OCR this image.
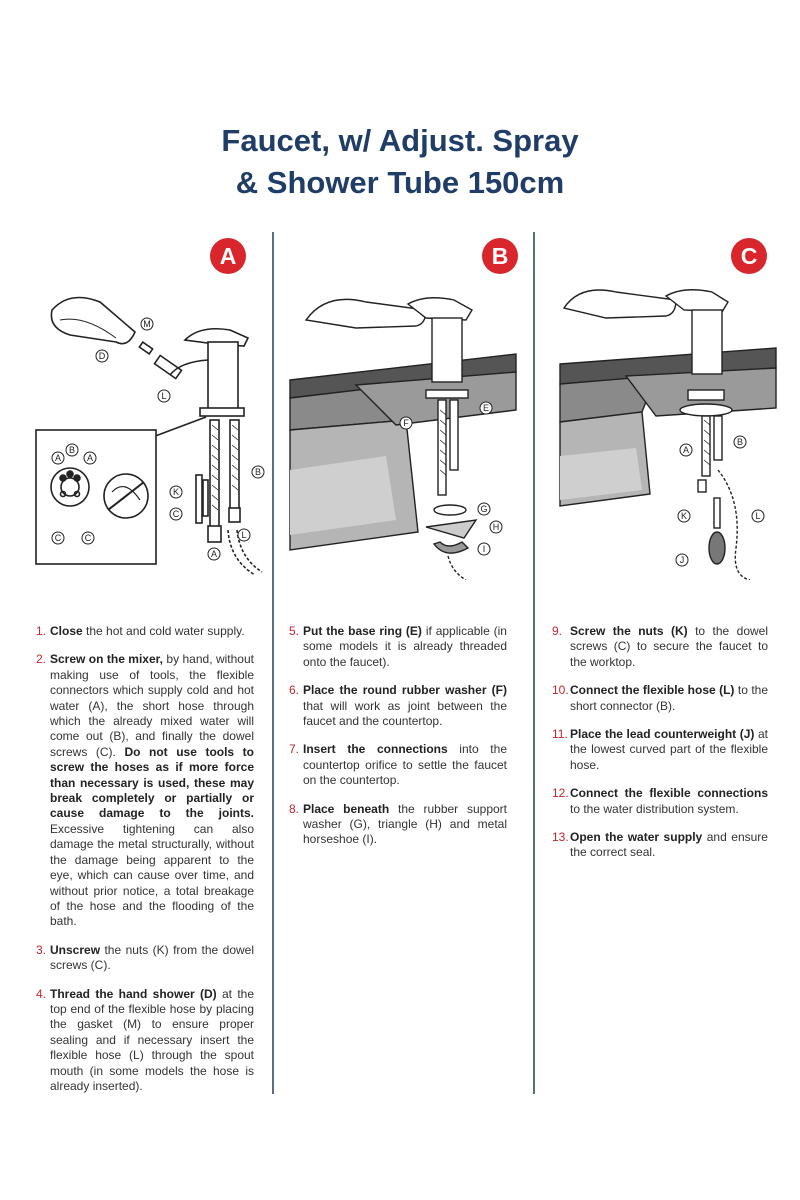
Faucet, w/ Adjust. Spray
& Shower Tube 150cm
A	B	C
M
D
L
A
B
A
C	C
B
K
C
L
A
F
E
G
H
I
B
A
K	L
J
1. Close the hot and cold water supply.
2. Screw on the mixer, by hand, without making use of tools, the flexible connectors which supply cold and hot water (A), the short hose through which the already mixed water will come out (B), and finally the dowel screws (C). Do not use tools to screw the hoses as if more force than necessary is used, these may break completely or partially or cause damage to the joints. Excessive tightening can also damage the metal structurally, without the damage being apparent to the eye, which can cause over time, and without prior notice, a total breakage of the hose and the flooding of the bath.
3. Unscrew the nuts (K) from the dowel screws (C).
4. Thread the hand shower (D) at the top end of the flexible hose by placing the gasket (M) to ensure proper sealing and if necessary insert the flexible hose (L) through the spout mouth (in some models the hose is already inserted).
5. Put the base ring (E) if applicable (in some models it is already threaded onto the faucet).
6. Place the round rubber washer (F) that will work as joint between the faucet and the countertop.
7. Insert the connections into the countertop orifice to settle the faucet on the countertop.
8. Place beneath the rubber support washer (G), triangle (H) and metal horseshoe (I).
9. Screw the nuts (K) to the dowel screws (C) to secure the faucet to the worktop.
10. Connect the flexible hose (L) to the short connector (B).
11. Place the lead counterweight (J) at the lowest curved part of the flexible hose.
12. Connect the flexible connections to the water distribution system.
13. Open the water supply and ensure the correct seal.
